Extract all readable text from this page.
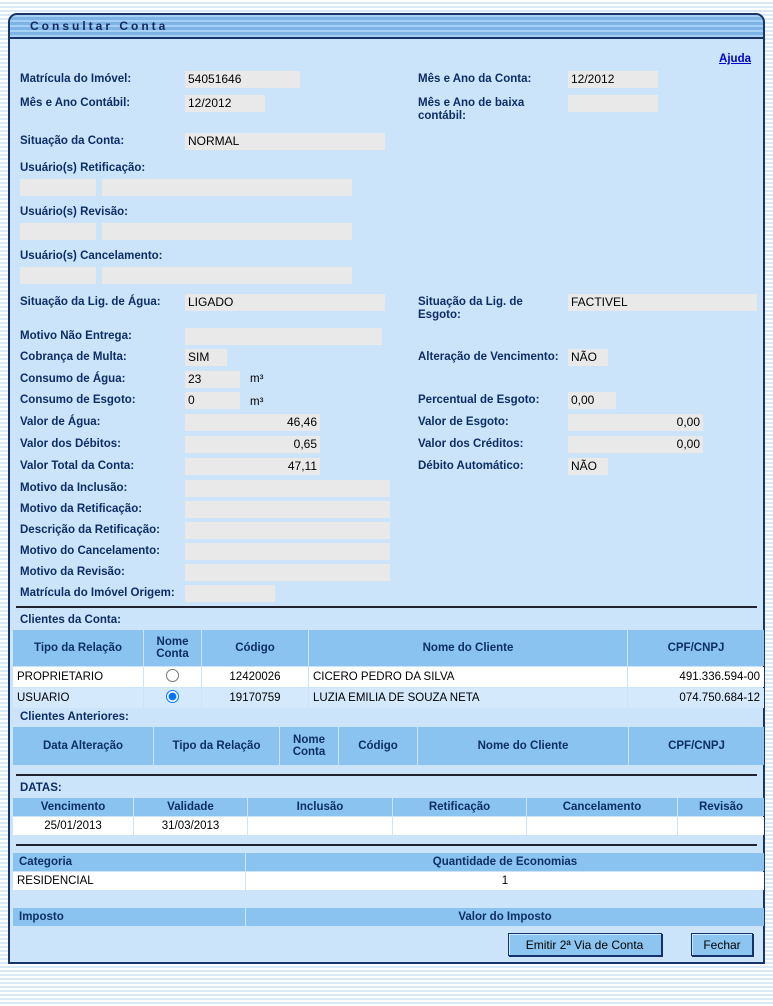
Consultar Conta
Ajuda
Matrícula do Imóvel:	54051646	Mês e Ano da Conta:	12/2012
Mês e Ano Contábil:	12/2012	Mês e Ano de baixa contábil:
Situação da Conta:	NORMAL
Usuário(s) Retificação:
Usuário(s) Revisão:
Usuário(s) Cancelamento:
Situação da Lig. de Água:	LIGADO	Situação da Lig. de Esgoto:
FACTIVEL
Motivo Não Entrega:
Cobrança de Multa:	SIM	Alteração de Vencimento:	NÃO
Consumo de Água:	23	m³
Consumo de Esgoto:	0	m³	Percentual de Esgoto:	0,00
Valor de Água:	46,46	Valor de Esgoto:	0,00
Valor dos Débitos:	0,65	Valor dos Créditos:	0,00
Valor Total da Conta:	47,11	Débito Automático:	NÃO
Motivo da Inclusão:
Motivo da Retificação:
Descrição da Retificação:
Motivo do Cancelamento:
Motivo da Revisão:
Matrícula do Imóvel Origem:
Clientes da Conta:
Tipo da Relação	Nome Conta	Código	Nome do Cliente	CPF/CNPJ
PROPRIETARIO		12420026	CICERO PEDRO DA SILVA	491.336.594-00
USUARIO		19170759	LUZIA EMILIA DE SOUZA NETA	074.750.684-12
Clientes Anteriores:
Data Alteração	Tipo da Relação	Nome Conta	Código	Nome do Cliente	CPF/CNPJ
DATAS:
Vencimento	Validade	Inclusão	Retificação	Cancelamento	Revisão
25/01/2013	31/03/2013				
Categoria	Quantidade de Economias
RESIDENCIAL	1
Imposto	Valor do Imposto
Emitir 2ª Via de Conta	Fechar
